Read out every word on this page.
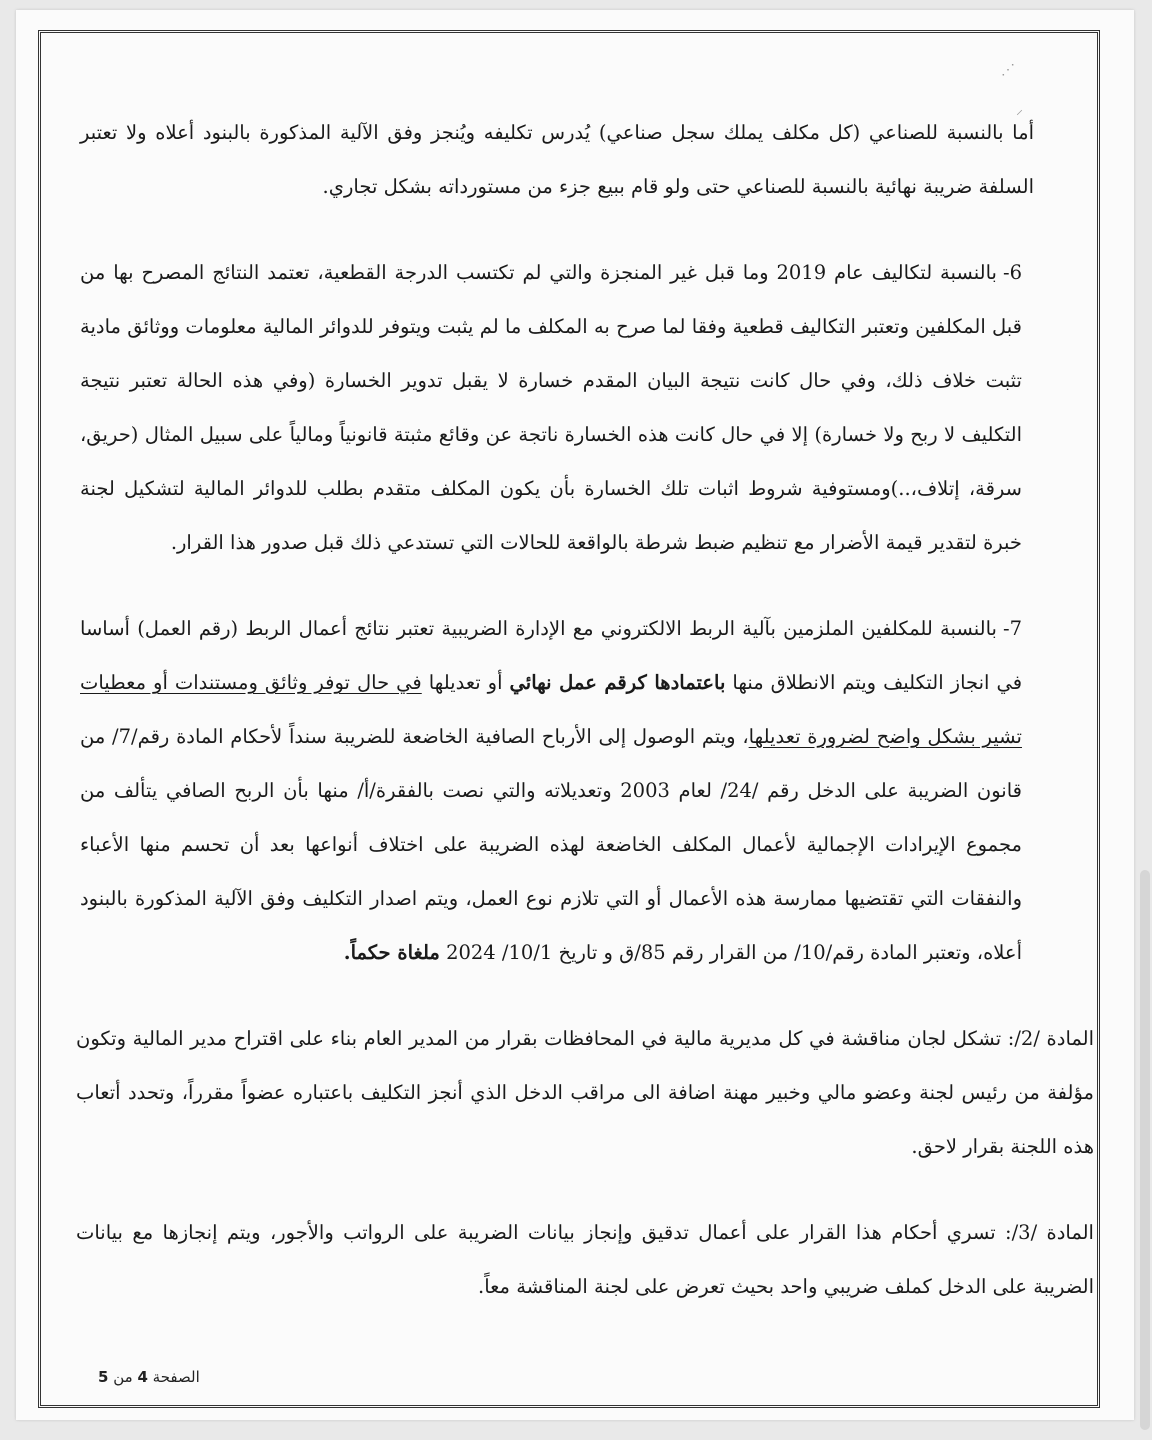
⋰
⸝

أما بالنسبة للصناعي (كل مكلف يملك سجل صناعي) يُدرس تكليفه ويُنجز وفق الآلية المذكورة بالبنود أعلاه ولا تعتبر السلفة ضريبة نهائية بالنسبة للصناعي حتى ولو قام ببيع جزء من مستورداته بشكل تجاري.

6-بالنسبة لتكاليف عام 2019 وما قبل غير المنجزة والتي لم تكتسب الدرجة القطعية، تعتمد النتائج المصرح بها من قبل المكلفين وتعتبر التكاليف قطعية وفقا لما صرح به المكلف ما لم يثبت ويتوفر للدوائر المالية معلومات ووثائق مادية تثبت خلاف ذلك، وفي حال كانت نتيجة البيان المقدم خسارة لا يقبل تدوير الخسارة (وفي هذه الحالة تعتبر نتيجة التكليف لا ربح ولا خسارة) إلا في حال كانت هذه الخسارة ناتجة عن وقائع مثبتة قانونياً ومالياً على سبيل المثال (حريق، سرقة، إتلاف،..)ومستوفية شروط اثبات تلك الخسارة بأن يكون المكلف متقدم بطلب للدوائر المالية لتشكيل لجنة خبرة لتقدير قيمة الأضرار مع تنظيم ضبط شرطة بالواقعة للحالات التي تستدعي ذلك قبل صدور هذا القرار.

7-بالنسبة للمكلفين الملزمين بآلية الربط الالكتروني مع الإدارة الضريبية تعتبر نتائج أعمال الربط (رقم العمل) أساسا في انجاز التكليف ويتم الانطلاق منها باعتمادها كرقم عمل نهائي أو تعديلها في حال توفر وثائق ومستندات أو معطيات تشير بشكل واضح لضرورة تعديلها، ويتم الوصول إلى الأرباح الصافية الخاضعة للضريبة سنداً لأحكام المادة رقم/7/ من قانون الضريبة على الدخل رقم /24/ لعام 2003 وتعديلاته والتي نصت بالفقرة/أ/ منها بأن الربح الصافي يتألف من مجموع الإيرادات الإجمالية لأعمال المكلف الخاضعة لهذه الضريبة على اختلاف أنواعها بعد أن تحسم منها الأعباء والنفقات التي تقتضيها ممارسة هذه الأعمال أو التي تلازم نوع العمل، ويتم اصدار التكليف وفق الآلية المذكورة بالبنود أعلاه، وتعتبر المادة رقم/10/ من القرار رقم 85/ق و تاريخ 10/1/ 2024 ملغاة حكماً.

المادة /2/: تشكل لجان مناقشة في كل مديرية مالية في المحافظات بقرار من المدير العام بناء على اقتراح مدير المالية وتكون مؤلفة من رئيس لجنة وعضو مالي وخبير مهنة اضافة الى مراقب الدخل الذي أنجز التكليف باعتباره عضواً مقرراً، وتحدد أتعاب هذه اللجنة بقرار لاحق.

المادة /3/: تسري أحكام هذا القرار على أعمال تدقيق وإنجاز بيانات الضريبة على الرواتب والأجور، ويتم إنجازها مع بيانات الضريبة على الدخل كملف ضريبي واحد بحيث تعرض على لجنة المناقشة معاً.

الصفحة 4 من 5
